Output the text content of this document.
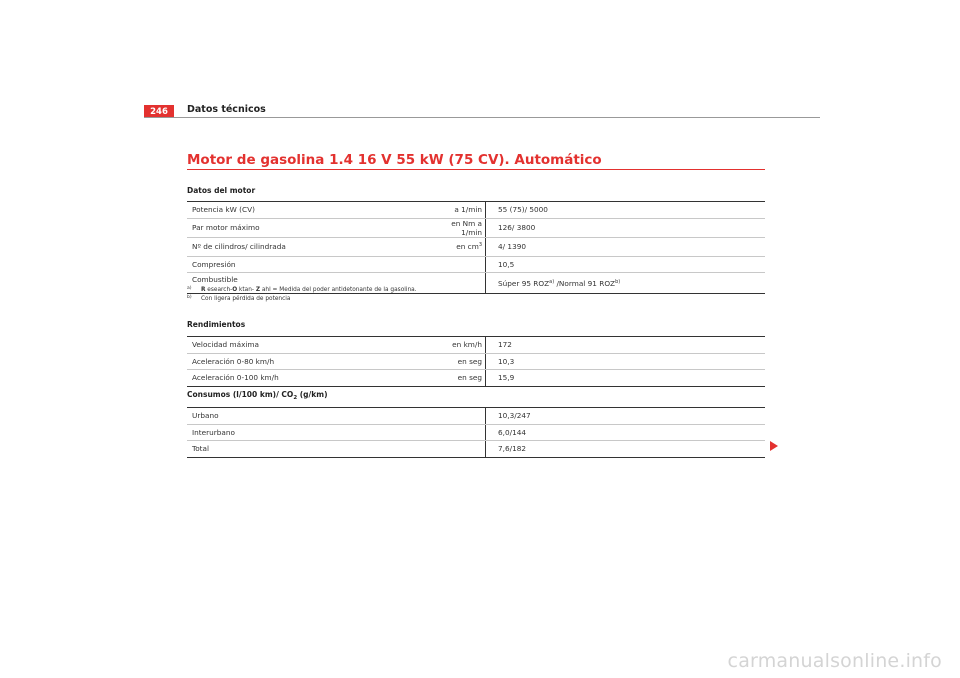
246	Datos técnicos
Motor de gasolina 1.4 16 V 55 kW (75 CV). Automático
Datos del motor
Potencia kW (CV)	a 1/min	55 (75)/ 5000
Par motor máximo	en Nm a 1/min	126/ 3800
Nº de cilindros/ cilindrada	en $cm^3$	4/ 1390
Compresión		10,5
Combustible		Súper 95 ROZ$^{a)}$ /Normal 91 ROZ$^{b)}$
a) R esearch-O ktan- Z ahl = Medida del poder antidetonante de la gasolina.
b) Con ligera pérdida de potencia
Rendimientos
Velocidad máxima	en km/h	172
Aceleración 0-80 km/h	en seg	10,3
Aceleración 0-100 km/h	en seg	15,9
Consumos (l/100 km)/ $CO_2$ (g/km)
Urbano		10,3/247
Interurbano		6,0/144
Total		7,6/182
carmanualsonline.info
